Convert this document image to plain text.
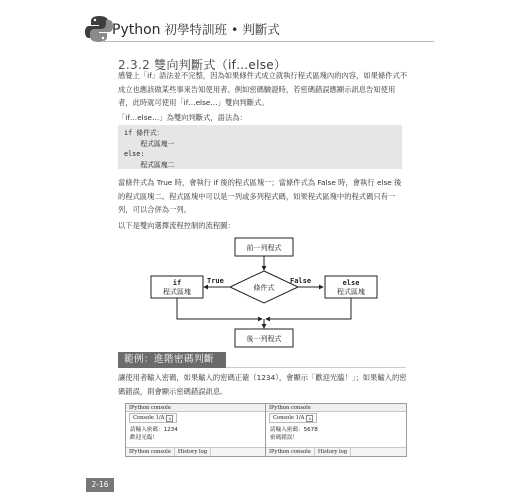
Python 初學特訓班 • 判斷式
2.3.2 雙向判斷式（if…else）
感覺上「if」語法並不完整，因為如果條件式成立就執行程式區塊內的內容，如果條件式不成立也應該做某些事來告知使用者。例如密碼驗證時，若密碼錯誤應顯示訊息告知使用者，此時就可使用「if…else…」雙向判斷式。
「if…else…」為雙向判斷式，語法為：
if 條件式：
程式區塊一
else:
程式區塊二
當條件式為 True 時，會執行 if 後的程式區塊一；當條件式為 False 時，會執行 else 後的程式區塊二。程式區塊中可以是一列或多列程式碼，如果程式區塊中的程式碼只有一列，可以合併為一列。
以下是雙向選擇流程控制的流程圖：
前一列程式
條件式
True	False
if
程式區塊
else
程式區塊
後一列程式
範例：進階密碼判斷
讓使用者輸入密碼，如果輸入的密碼正確（1234），會顯示「歡迎光臨！」；如果輸入的密碼錯誤，則會顯示密碼錯誤訊息。
IPython console
Console 1/A ×
請輸入密碼：1234
歡迎光臨！
IPython console History log
IPython console
Console 1/A ×
請輸入密碼：5678
密碼錯誤！
IPython console History log
2-16
